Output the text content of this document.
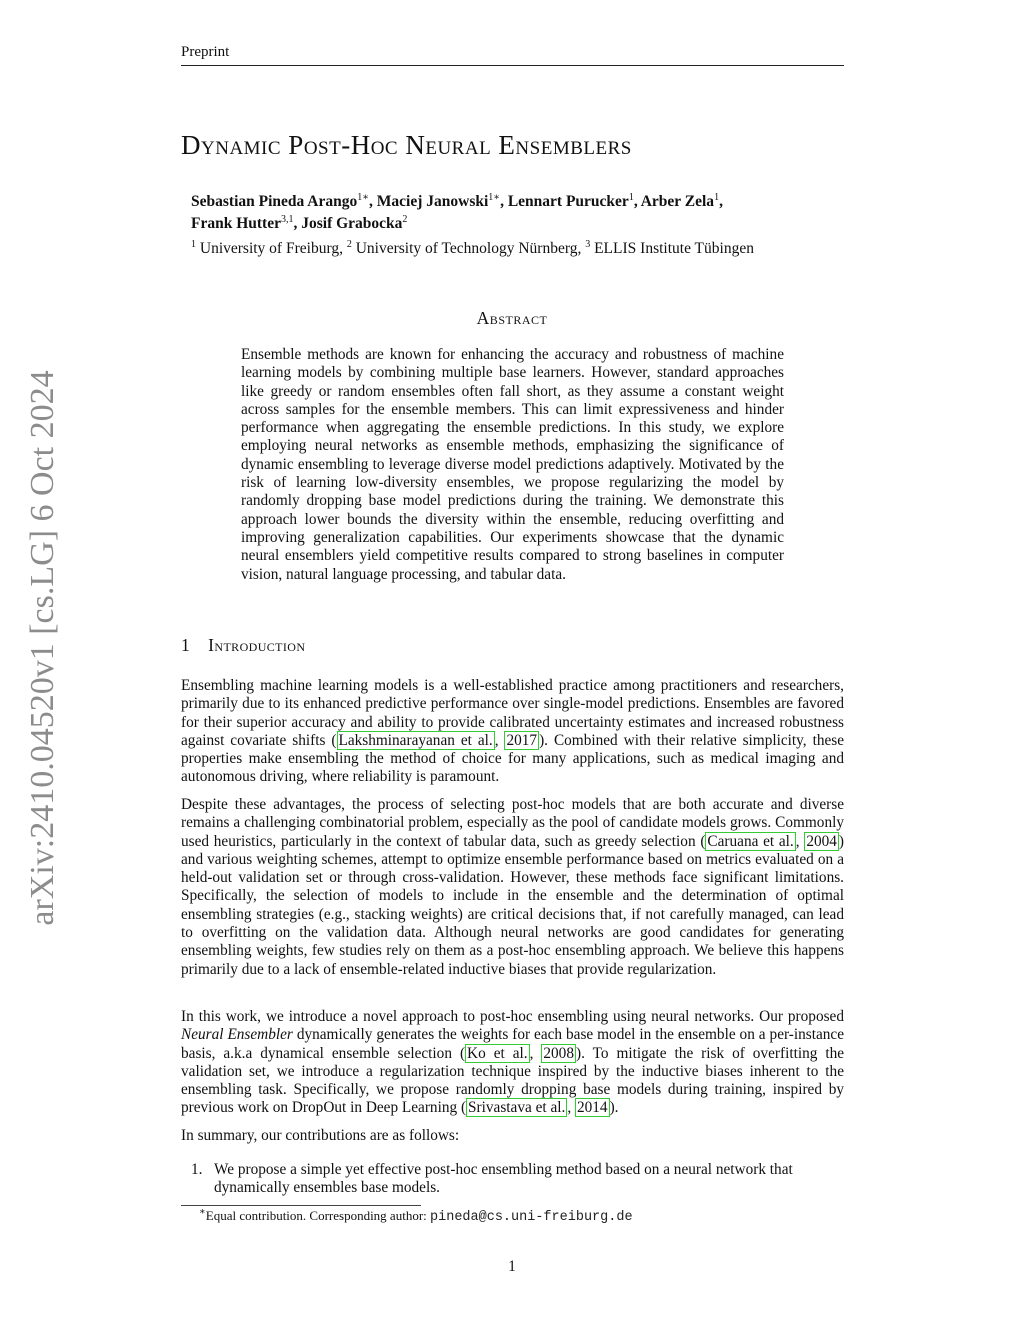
Preprint
arXiv:2410.04520v1 [cs.LG] 6 Oct 2024
Dynamic Post-Hoc Neural Ensemblers
Sebastian Pineda Arango$^{1∗}$, Maciej Janowski$^{1∗}$, Lennart Purucker$^1$, Arber Zela$^1$,
Frank Hutter$^{3,1}$, Josif Grabocka$^2$
$^1$ University of Freiburg, $^2$ University of Technology Nürnberg, $^3$ ELLIS Institute Tübingen
Abstract
Ensemble methods are known for enhancing the accuracy and robustness of machine learning models by combining multiple base learners. However, standard approaches like greedy or random ensembles often fall short, as they assume a constant weight across samples for the ensemble members. This can limit expressiveness and hinder performance when aggregating the ensemble predictions. In this study, we explore employing neural networks as ensemble methods, emphasizing the significance of dynamic ensembling to leverage diverse model predictions adaptively. Motivated by the risk of learning low-diversity ensembles, we propose regularizing the model by randomly dropping base model predictions during the training. We demonstrate this approach lower bounds the diversity within the ensemble, reducing overfitting and improving generalization capabilities. Our experiments showcase that the dynamic neural ensemblers yield competitive results compared to strong baselines in computer vision, natural language processing, and tabular data.
1 Introduction
Ensembling machine learning models is a well-established practice among practitioners and researchers, primarily due to its enhanced predictive performance over single-model predictions. Ensembles are favored for their superior accuracy and ability to provide calibrated uncertainty estimates and increased robustness against covariate shifts ( Lakshminarayanan et al. , 2017 ). Combined with their relative simplicity, these properties make ensembling the method of choice for many applications, such as medical imaging and autonomous driving, where reliability is paramount.
Despite these advantages, the process of selecting post-hoc models that are both accurate and diverse remains a challenging combinatorial problem, especially as the pool of candidate models grows. Commonly used heuristics, particularly in the context of tabular data, such as greedy selection ( Caruana et al. , 2004 ) and various weighting schemes, attempt to optimize ensemble performance based on metrics evaluated on a held-out validation set or through cross-validation. However, these methods face significant limitations. Specifically, the selection of models to include in the ensemble and the determination of optimal ensembling strategies (e.g., stacking weights) are critical decisions that, if not carefully managed, can lead to overfitting on the validation data. Although neural networks are good candidates for generating ensembling weights, few studies rely on them as a post-hoc ensembling approach. We believe this happens primarily due to a lack of ensemble-related inductive biases that provide regularization.
In this work, we introduce a novel approach to post-hoc ensembling using neural networks. Our proposed Neural Ensembler dynamically generates the weights for each base model in the ensemble on a per-instance basis, a.k.a dynamical ensemble selection ( Ko et al. , 2008 ). To mitigate the risk of overfitting the validation set, we introduce a regularization technique inspired by the inductive biases inherent to the ensembling task. Specifically, we propose randomly dropping base models during training, inspired by previous work on DropOut in Deep Learning ( Srivastava et al. , 2014 ).
In summary, our contributions are as follows:
1. We propose a simple yet effective post-hoc ensembling method based on a neural network that dynamically ensembles base models.
∗Equal contribution. Corresponding author: pineda@cs.uni-freiburg.de
1
